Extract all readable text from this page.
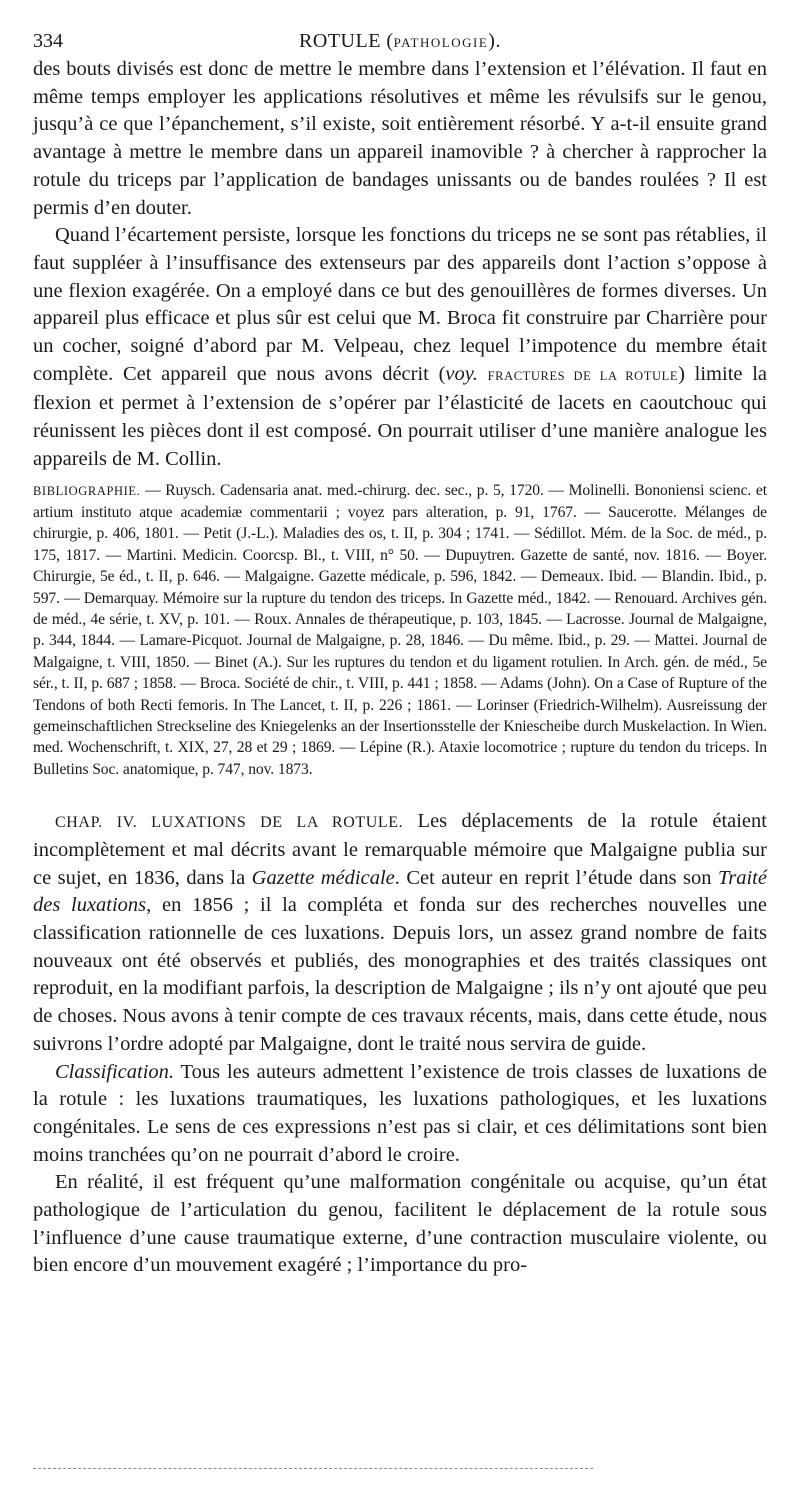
334	ROTULE (PATHOLOGIE).

des bouts divisés est donc de mettre le membre dans l’extension et l’élévation. Il faut en même temps employer les applications résolutives et même les révulsifs sur le genou, jusqu’à ce que l’épanchement, s’il existe, soit entièrement résorbé. Y a-t-il ensuite grand avantage à mettre le membre dans un appareil inamovible ? à chercher à rapprocher la rotule du triceps par l’application de bandages unissants ou de bandes roulées ? Il est permis d’en douter.

Quand l’écartement persiste, lorsque les fonctions du triceps ne se sont pas rétablies, il faut suppléer à l’insuffisance des extenseurs par des appareils dont l’action s’oppose à une flexion exagérée. On a employé dans ce but des genouillères de formes diverses. Un appareil plus efficace et plus sûr est celui que M. Broca fit construire par Charrière pour un cocher, soigné d’abord par M. Velpeau, chez lequel l’impotence du membre était complète. Cet appareil que nous avons décrit (voy. FRACTURES DE LA ROTULE) limite la flexion et permet à l’extension de s’opérer par l’élasticité de lacets en caoutchouc qui réunissent les pièces dont il est composé. On pourrait utiliser d’une manière analogue les appareils de M. Collin.

BIBLIOGRAPHIE. — Ruysch. Cadensaria anat. med.-chirurg. dec. sec., p. 5, 1720. — Molinelli. Bononiensi scienc. et artium instituto atque academiæ commentarii ; voyez pars alteration, p. 91, 1767. — Saucerotte. Mélanges de chirurgie, p. 406, 1801. — Petit (J.-L.). Maladies des os, t. II, p. 304 ; 1741. — Sédillot. Mém. de la Soc. de méd., p. 175, 1817. — Martini. Medicin. Coorcsp. Bl., t. VIII, n° 50. — Dupuytren. Gazette de santé, nov. 1816. — Boyer. Chirurgie, 5e éd., t. II, p. 646. — Malgaigne. Gazette médicale, p. 596, 1842. — Demeaux. Ibid. — Blandin. Ibid., p. 597. — Demarquay. Mémoire sur la rupture du tendon des triceps. In Gazette méd., 1842. — Renouard. Archives gén. de méd., 4e série, t. XV, p. 101. — Roux. Annales de thérapeutique, p. 103, 1845. — Lacrosse. Journal de Malgaigne, p. 344, 1844. — Lamare-Picquot. Journal de Malgaigne, p. 28, 1846. — Du même. Ibid., p. 29. — Mattei. Journal de Malgaigne, t. VIII, 1850. — Binet (A.). Sur les ruptures du tendon et du ligament rotulien. In Arch. gén. de méd., 5e sér., t. II, p. 687 ; 1858. — Broca. Société de chir., t. VIII, p. 441 ; 1858. — Adams (John). On a Case of Rupture of the Tendons of both Recti femoris. In The Lancet, t. II, p. 226 ; 1861. — Lorinser (Friedrich-Wilhelm). Ausreissung der gemeinschaftlichen Streckseline des Kniegelenks an der Insertionsstelle der Kniescheibe durch Muskelaction. In Wien. med. Wochenschrift, t. XIX, 27, 28 et 29 ; 1869. — Lépine (R.). Ataxie locomotrice ; rupture du tendon du triceps. In Bulletins Soc. anatomique, p. 747, nov. 1873.

CHAP. IV. LUXATIONS DE LA ROTULE. Les déplacements de la rotule étaient incomplètement et mal décrits avant le remarquable mémoire que Malgaigne publia sur ce sujet, en 1836, dans la Gazette médicale. Cet auteur en reprit l’étude dans son Traité des luxations, en 1856 ; il la compléta et fonda sur des recherches nouvelles une classification rationnelle de ces luxations. Depuis lors, un assez grand nombre de faits nouveaux ont été observés et publiés, des monographies et des traités classiques ont reproduit, en la modifiant parfois, la description de Malgaigne ; ils n’y ont ajouté que peu de choses. Nous avons à tenir compte de ces travaux récents, mais, dans cette étude, nous suivrons l’ordre adopté par Malgaigne, dont le traité nous servira de guide.

Classification. Tous les auteurs admettent l’existence de trois classes de luxations de la rotule : les luxations traumatiques, les luxations pathologiques, et les luxations congénitales. Le sens de ces expressions n’est pas si clair, et ces délimitations sont bien moins tranchées qu’on ne pourrait d’abord le croire.

En réalité, il est fréquent qu’une malformation congénitale ou acquise, qu’un état pathologique de l’articulation du genou, facilitent le déplacement de la rotule sous l’influence d’une cause traumatique externe, d’une contraction musculaire violente, ou bien encore d’un mouvement exagéré ; l’importance du pro-
